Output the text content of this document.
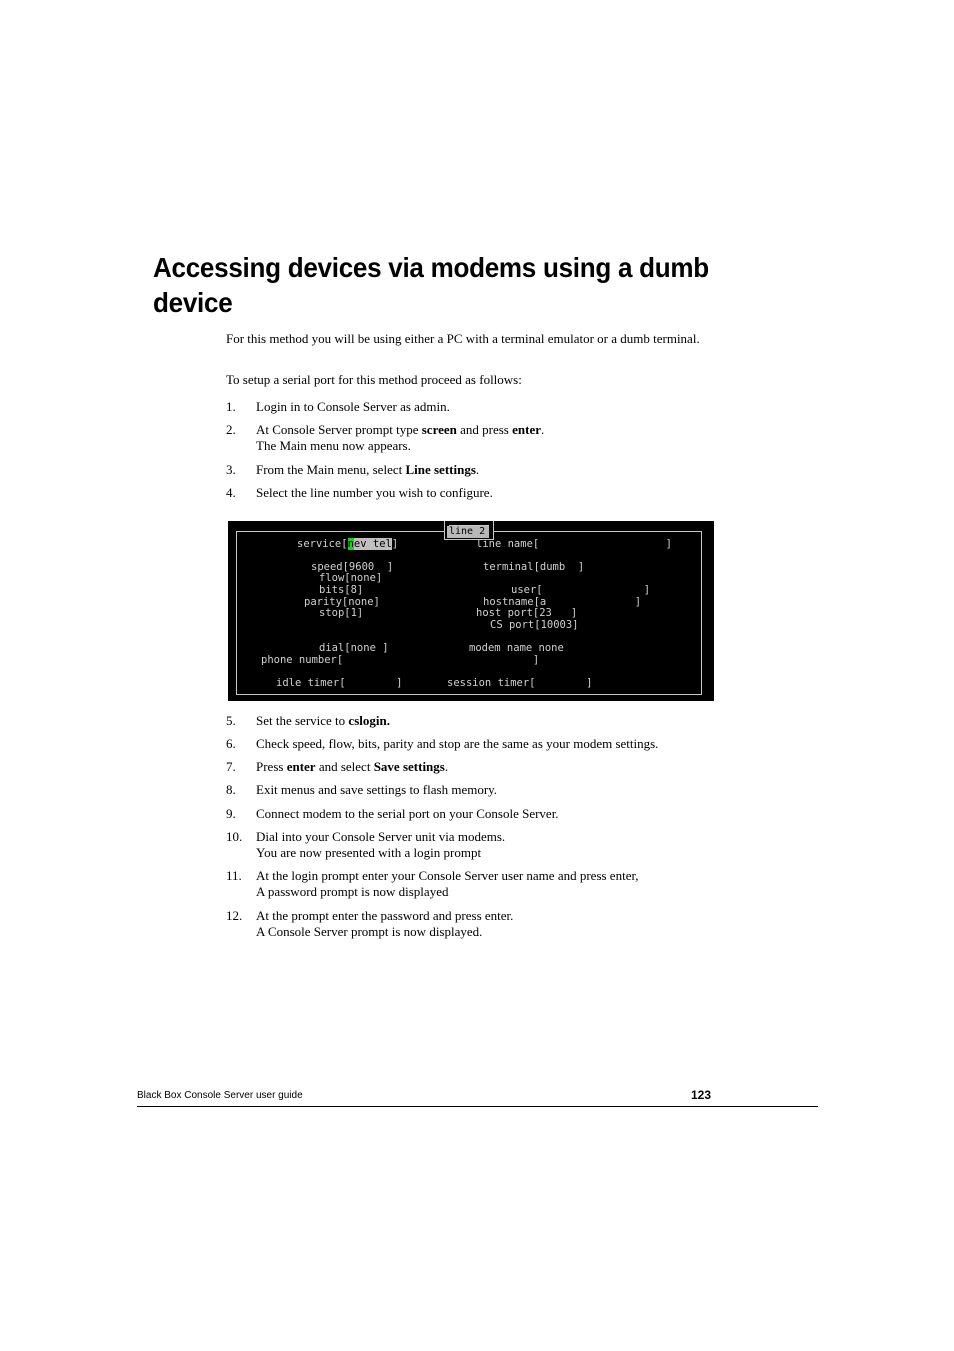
Accessing devices via modems using a dumb device

For this method you will be using either a PC with a terminal emulator or a dumb terminal.

To setup a serial port for this method proceed as follows:

1. Login in to Console Server as admin.
2. At Console Server prompt type screen and press enter.
The Main menu now appears.
3. From the Main menu, select Line settings.
4. Select the line number you wish to configure.
line 2
service[nev tel]	line name[                    ]
speed[9600  ]	terminal[dumb  ]
flow[none]
bits[8]	user[                ]
parity[none]	hostname[a              ]
stop[1]	host port[23   ]
CS port[10003]
dial[none ]	modem name none
phone number[                              ]
idle timer[        ]	session timer[        ]
5. Set the service to cslogin.
6. Check speed, flow, bits, parity and stop are the same as your modem settings.
7. Press enter and select Save settings.
8. Exit menus and save settings to flash memory.
9. Connect modem to the serial port on your Console Server.
10. Dial into your Console Server unit via modems.
You are now presented with a login prompt
11. At the login prompt enter your Console Server user name and press enter,
A password prompt is now displayed
12. At the prompt enter the password and press enter.
A Console Server prompt is now displayed.
Black Box Console Server user guide	123
